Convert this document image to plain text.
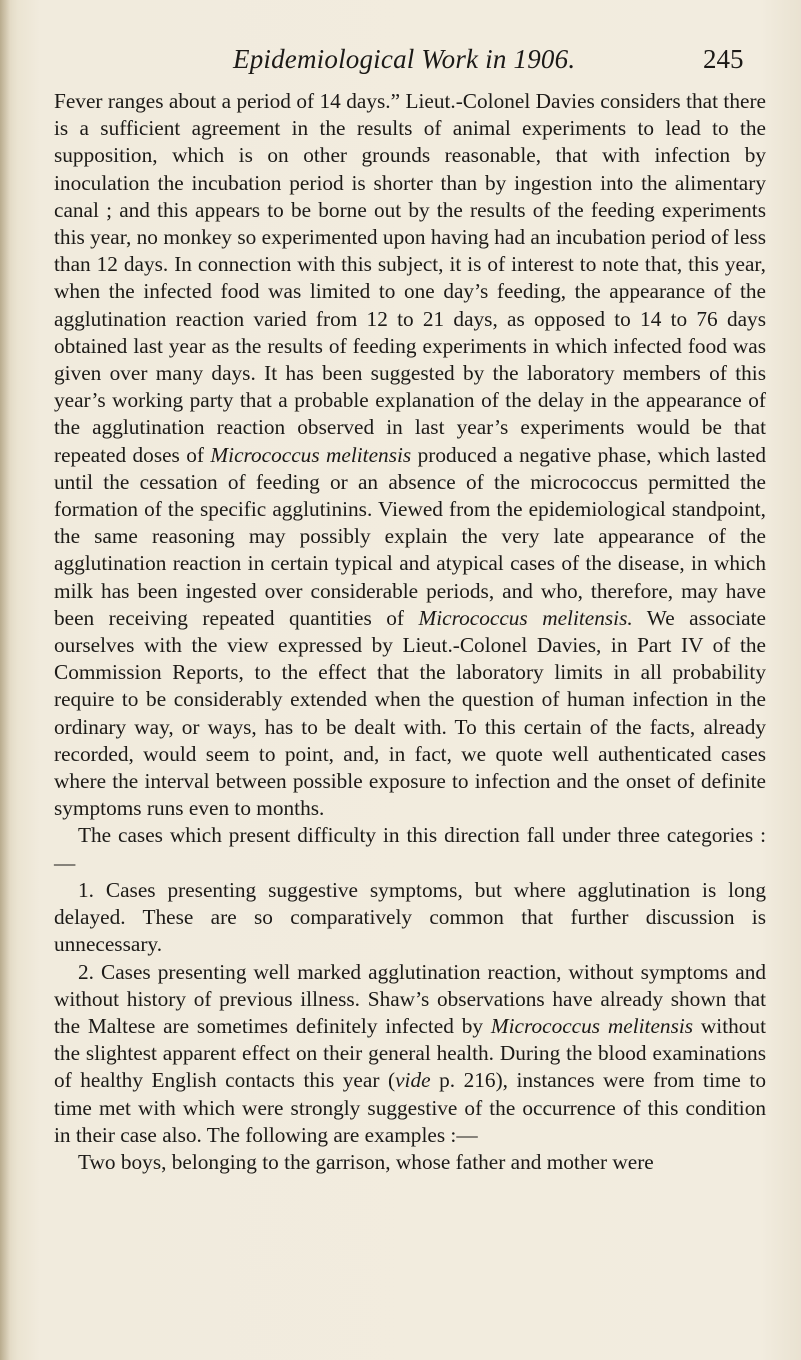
Epidemiological Work in 1906.	245

Fever ranges about a period of 14 days.” Lieut.-Colonel Davies considers that there is a sufficient agreement in the results of animal experiments to lead to the supposition, which is on other grounds reasonable, that with infection by inoculation the incubation period is shorter than by ingestion into the alimentary canal ; and this appears to be borne out by the results of the feeding experiments this year, no monkey so experimented upon having had an incubation period of less than 12 days. In connection with this subject, it is of interest to note that, this year, when the infected food was limited to one day’s feeding, the appearance of the agglutination reaction varied from 12 to 21 days, as opposed to 14 to 76 days obtained last year as the results of feeding experiments in which infected food was given over many days. It has been suggested by the laboratory members of this year’s working party that a probable explanation of the delay in the appearance of the agglutination reaction observed in last year’s experiments would be that repeated doses of Micrococcus melitensis produced a negative phase, which lasted until the cessation of feeding or an absence of the micrococcus permitted the formation of the specific agglutinins. Viewed from the epidemiological standpoint, the same reasoning may possibly explain the very late appearance of the agglutination reaction in certain typical and atypical cases of the disease, in which milk has been ingested over considerable periods, and who, therefore, may have been receiving repeated quantities of Micrococcus melitensis. We associate ourselves with the view expressed by Lieut.-Colonel Davies, in Part IV of the Commission Reports, to the effect that the laboratory limits in all probability require to be considerably extended when the question of human infection in the ordinary way, or ways, has to be dealt with. To this certain of the facts, already recorded, would seem to point, and, in fact, we quote well authenticated cases where the interval between possible exposure to infection and the onset of definite symptoms runs even to months.

The cases which present difficulty in this direction fall under three categories :—

1. Cases presenting suggestive symptoms, but where agglutination is long delayed. These are so comparatively common that further discussion is unnecessary.

2. Cases presenting well marked agglutination reaction, without symptoms and without history of previous illness. Shaw’s observations have already shown that the Maltese are sometimes definitely infected by Micrococcus melitensis without the slightest apparent effect on their general health. During the blood examinations of healthy English contacts this year (vide p. 216), instances were from time to time met with which were strongly suggestive of the occurrence of this condition in their case also. The following are examples :—

Two boys, belonging to the garrison, whose father and mother were
